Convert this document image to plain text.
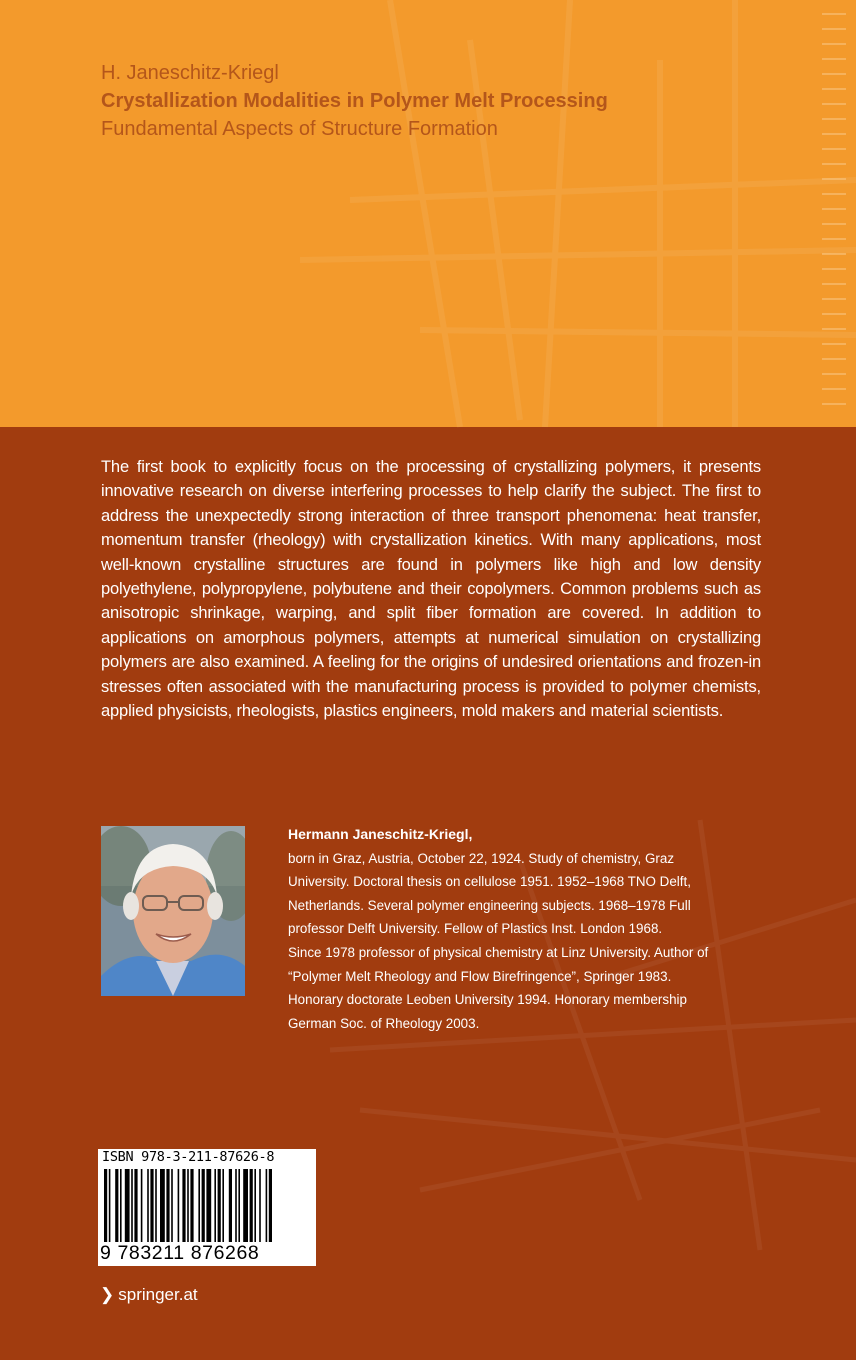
H. Janeschitz-Kriegl
Crystallization Modalities in Polymer Melt Processing
Fundamental Aspects of Structure Formation

The first book to explicitly focus on the processing of crystallizing polymers, it presents innovative research on diverse interfering processes to help clarify the subject. The first to address the unexpectedly strong interaction of three transport phenomena: heat transfer, momentum transfer (rheology) with crystallization kinetics. With many applications, most well-known crystalline structures are found in polymers like high and low density polyethylene, polypropylene, polybutene and their copolymers. Common problems such as anisotropic shrinkage, warping, and split fiber formation are covered. In addition to applications on amorphous polymers, attempts at numerical simulation on crystallizing polymers are also examined. A feeling for the origins of undesired orientations and frozen-in stresses often associated with the manufacturing process is provided to polymer chemists, applied physicists, rheologists, plastics engineers, mold makers and material scientists.

Hermann Janeschitz-Kriegl,
born in Graz, Austria, October 22, 1924. Study of chemistry, Graz
University. Doctoral thesis on cellulose 1951. 1952–1968 TNO Delft,
Netherlands. Several polymer engineering subjects. 1968–1978 Full
professor Delft University. Fellow of Plastics Inst. London 1968.
Since 1978 professor of physical chemistry at Linz University. Author of
“Polymer Melt Rheology and Flow Birefringence”, Springer 1983.
Honorary doctorate Leoben University 1994. Honorary membership
German Soc. of Rheology 2003.
ISBN 978-3-211-87626-8
9 783211 876268
❯ springer.at
